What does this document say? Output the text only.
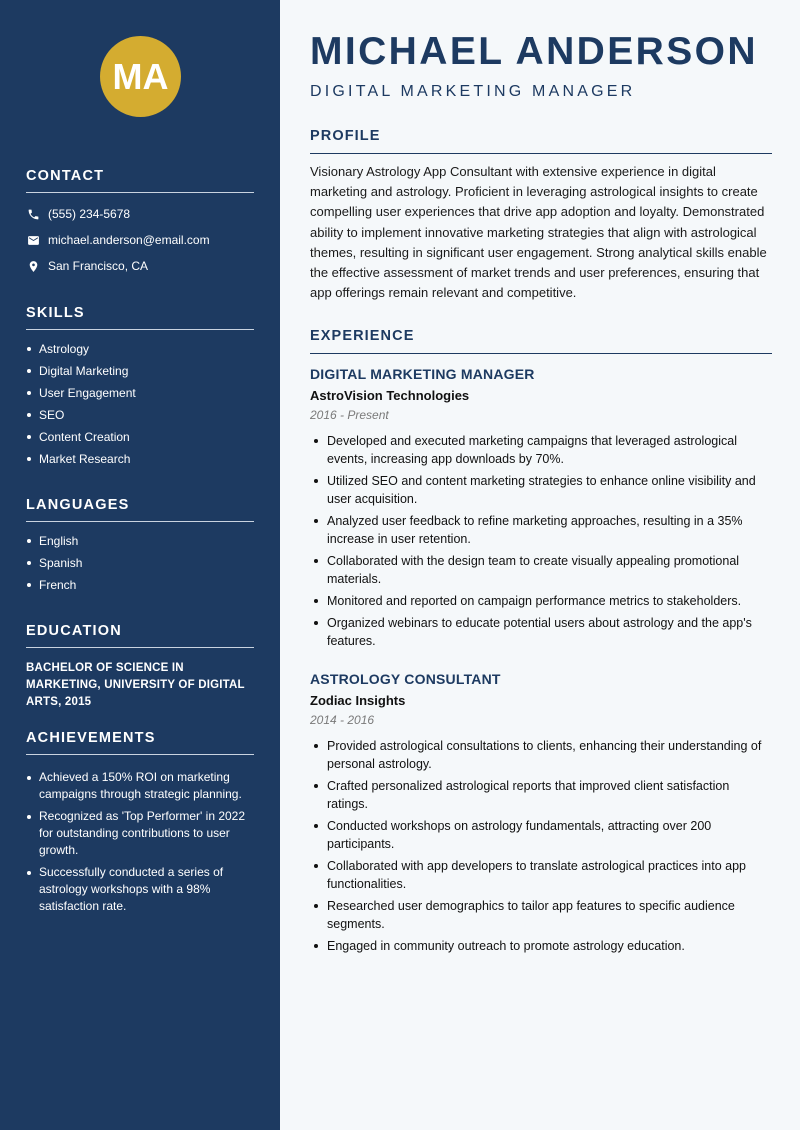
MA
CONTACT
(555) 234-5678
michael.anderson@email.com
San Francisco, CA
SKILLS
Astrology
Digital Marketing
User Engagement
SEO
Content Creation
Market Research
LANGUAGES
English
Spanish
French
EDUCATION
BACHELOR OF SCIENCE IN MARKETING, UNIVERSITY OF DIGITAL ARTS, 2015
ACHIEVEMENTS
Achieved a 150% ROI on marketing campaigns through strategic planning.
Recognized as 'Top Performer' in 2022 for outstanding contributions to user growth.
Successfully conducted a series of astrology workshops with a 98% satisfaction rate.
MICHAEL ANDERSON
DIGITAL MARKETING MANAGER
PROFILE
Visionary Astrology App Consultant with extensive experience in digital marketing and astrology. Proficient in leveraging astrological insights to create compelling user experiences that drive app adoption and loyalty. Demonstrated ability to implement innovative marketing strategies that align with astrological themes, resulting in significant user engagement. Strong analytical skills enable the effective assessment of market trends and user preferences, ensuring that app offerings remain relevant and competitive.
EXPERIENCE
DIGITAL MARKETING MANAGER
AstroVision Technologies
2016 - Present
Developed and executed marketing campaigns that leveraged astrological events, increasing app downloads by 70%.
Utilized SEO and content marketing strategies to enhance online visibility and user acquisition.
Analyzed user feedback to refine marketing approaches, resulting in a 35% increase in user retention.
Collaborated with the design team to create visually appealing promotional materials.
Monitored and reported on campaign performance metrics to stakeholders.
Organized webinars to educate potential users about astrology and the app's features.
ASTROLOGY CONSULTANT
Zodiac Insights
2014 - 2016
Provided astrological consultations to clients, enhancing their understanding of personal astrology.
Crafted personalized astrological reports that improved client satisfaction ratings.
Conducted workshops on astrology fundamentals, attracting over 200 participants.
Collaborated with app developers to translate astrological practices into app functionalities.
Researched user demographics to tailor app features to specific audience segments.
Engaged in community outreach to promote astrology education.
